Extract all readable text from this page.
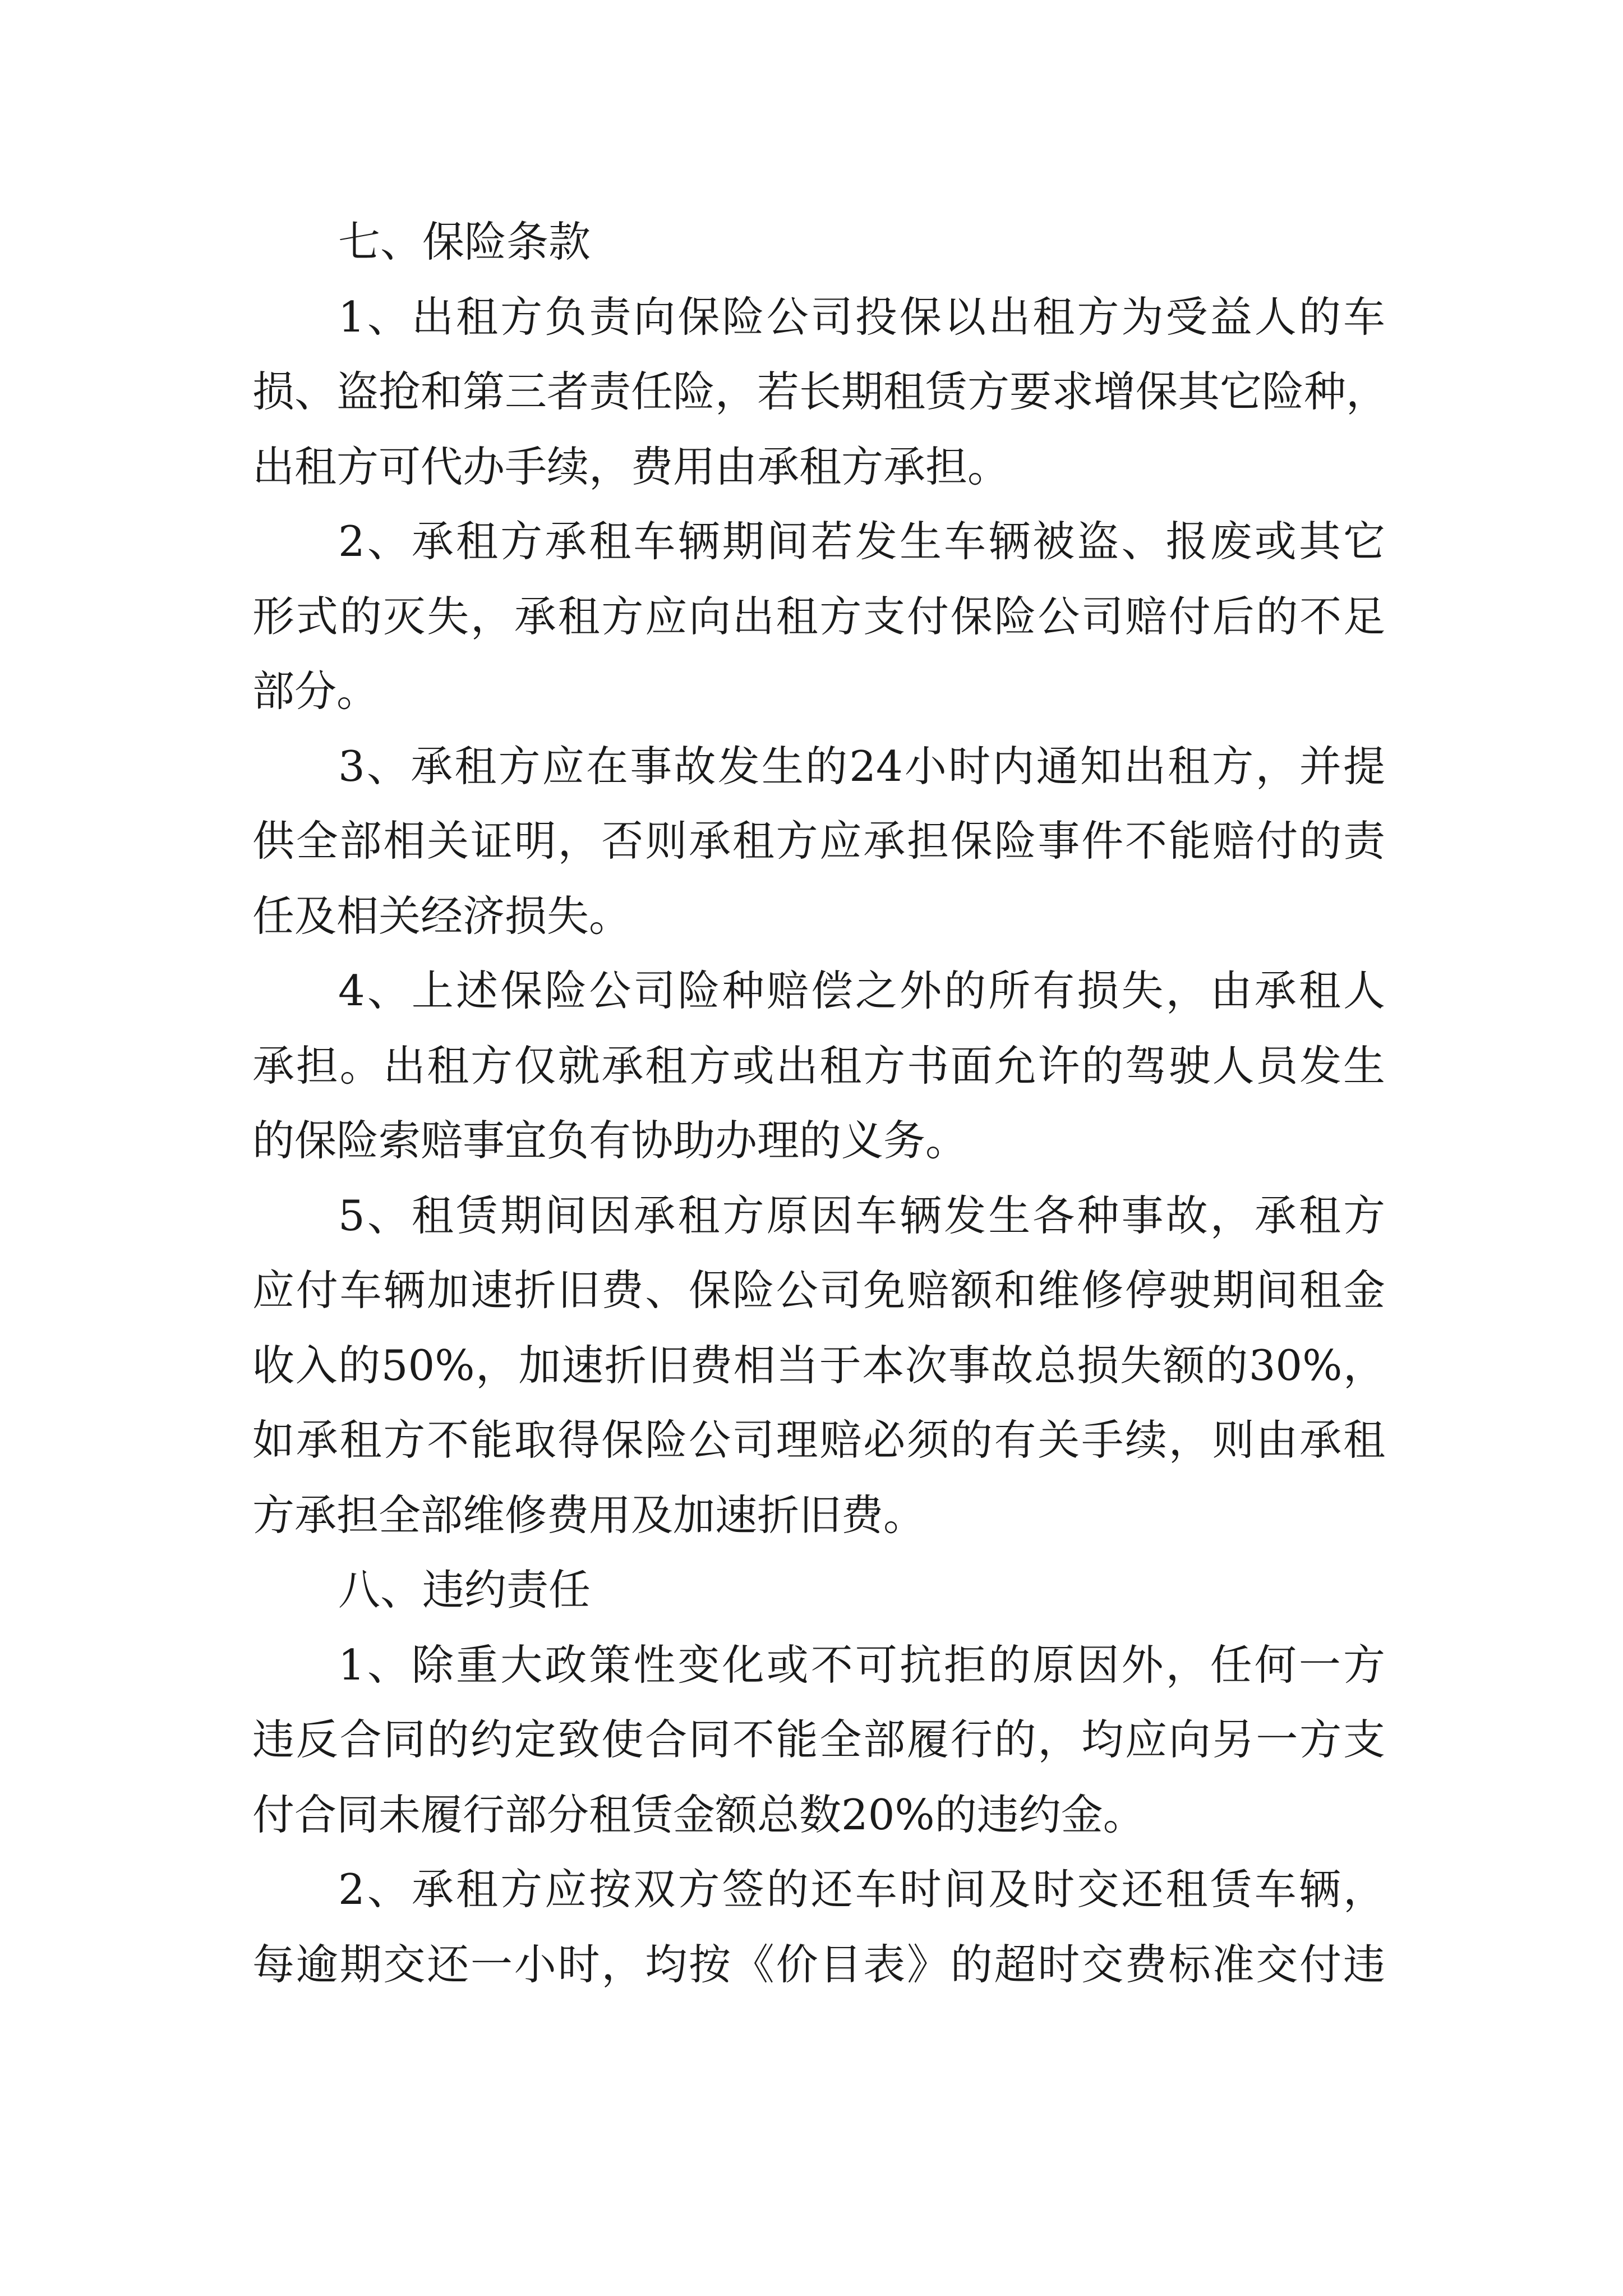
七、保险条款
1、出租方负责向保险公司投保以出租方为受益人的车
损、盗抢和第三者责任险，若长期租赁方要求增保其它险种，
出租方可代办手续，费用由承租方承担。
2、承租方承租车辆期间若发生车辆被盗、报废或其它
形式的灭失，承租方应向出租方支付保险公司赔付后的不足
部分。
3、承租方应在事故发生的24小时内通知出租方，并提
供全部相关证明，否则承租方应承担保险事件不能赔付的责
任及相关经济损失。
4、上述保险公司险种赔偿之外的所有损失，由承租人
承担。出租方仅就承租方或出租方书面允许的驾驶人员发生
的保险索赔事宜负有协助办理的义务。
5、租赁期间因承租方原因车辆发生各种事故，承租方
应付车辆加速折旧费、保险公司免赔额和维修停驶期间租金
收入的50%，加速折旧费相当于本次事故总损失额的30%，
如承租方不能取得保险公司理赔必须的有关手续，则由承租
方承担全部维修费用及加速折旧费。
八、违约责任
1、除重大政策性变化或不可抗拒的原因外，任何一方
违反合同的约定致使合同不能全部履行的，均应向另一方支
付合同未履行部分租赁金额总数20%的违约金。
2、承租方应按双方签的还车时间及时交还租赁车辆，
每逾期交还一小时，均按《价目表》的超时交费标准交付违
